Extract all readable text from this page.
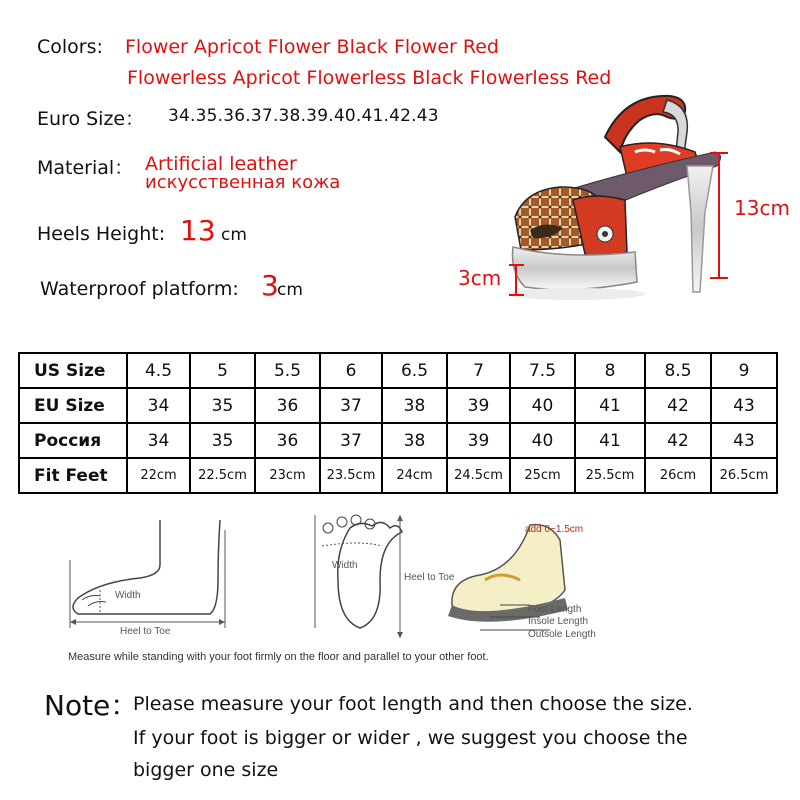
Colors: Flower Apricot Flower Black Flower Red
Flowerless Apricot Flowerless Black Flowerless Red
Euro Size： 34.35.36.37.38.39.40.41.42.43
Material： Artificial leather
искусственная кожа
Heels Height: 13 cm
Waterproof platform: 3
cm
13cm
3cm
US Size	4.5	5	5.5	6	6.5	7	7.5	8	8.5	9
EU Size	34	35	36	37	38	39	40	41	42	43
Россия	34	35	36	37	38	39	40	41	42	43
Fit Feet	22cm	22.5cm	23cm	23.5cm	24cm	24.5cm	25cm	25.5cm	26cm	26.5cm
Width
Heel to Toe
Width
Heel to Toe
add 0~1.5cm
Foot Length
Insole Length
Outsole Length
Measure while standing with your foot firmly on the floor and parallel to your other foot.
Note：
Please measure your foot length and then choose the size.
If your foot is bigger or wider , we suggest you choose the
bigger one size
